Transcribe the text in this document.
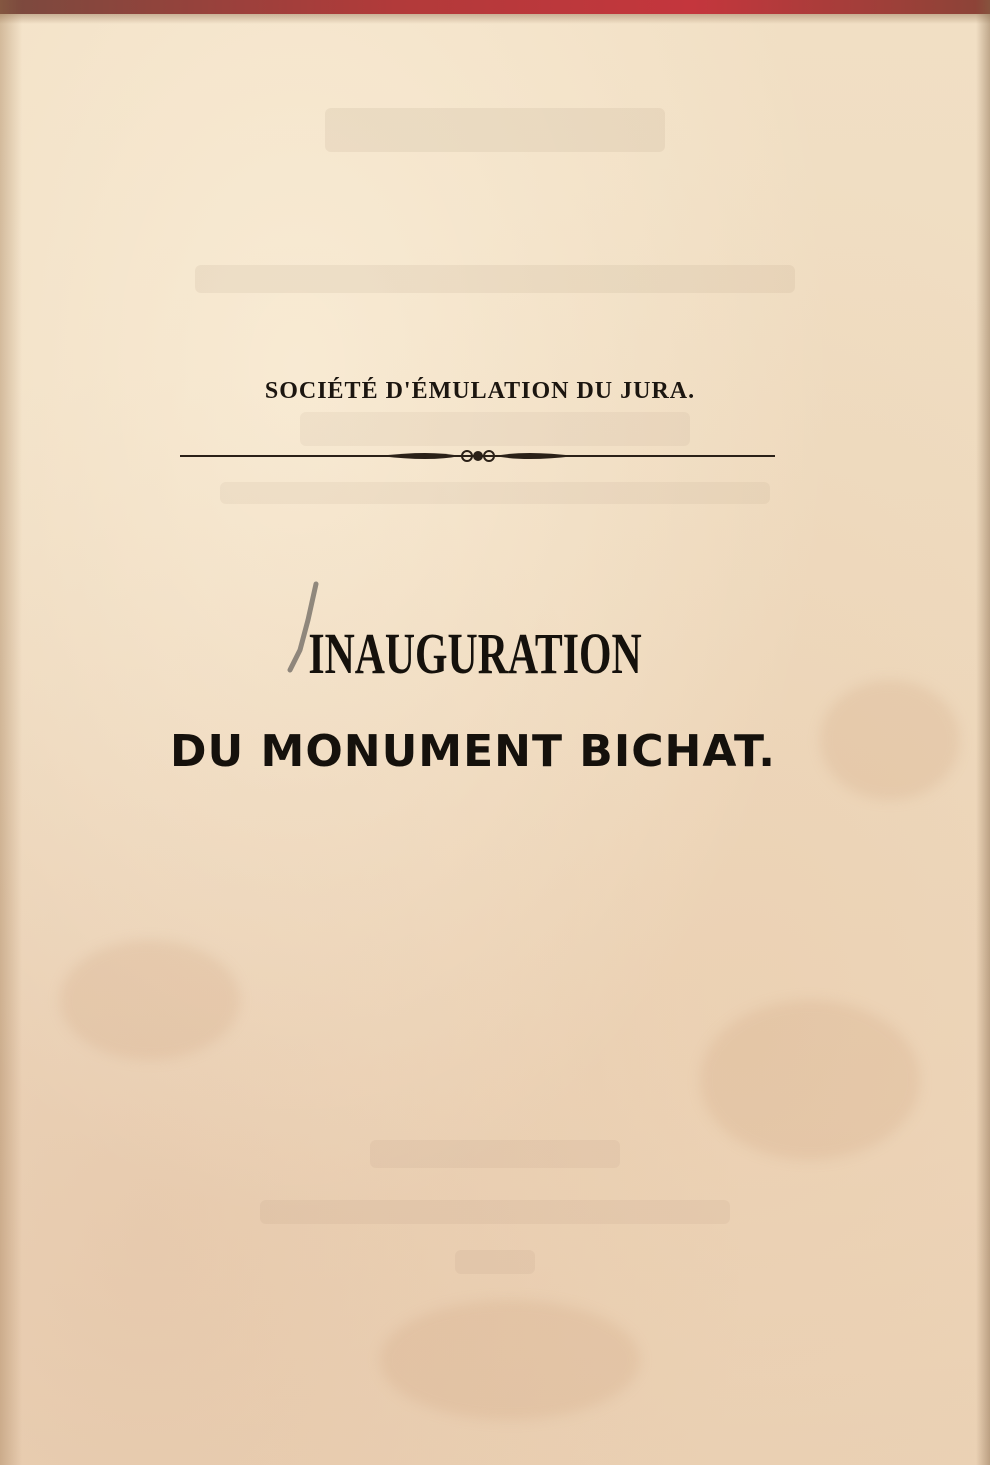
SOCIÉTÉ D'ÉMULATION DU JURA.
INAUGURATION
DU MONUMENT BICHAT.
